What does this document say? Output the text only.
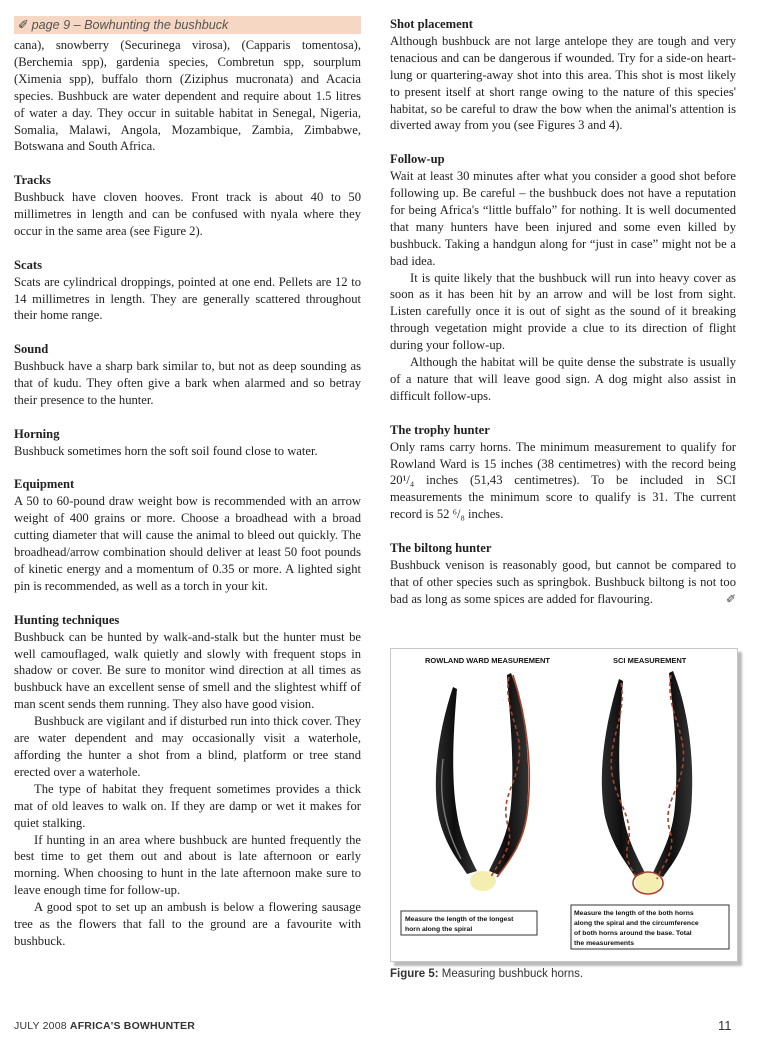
✐ page 9 – Bowhunting the bushbuck

cana), snowberry (Securinega virosa), (Capparis tomentosa), (Berchemia spp), gardenia species, Combretun spp, sourplum (Ximenia spp), buffalo thorn (Ziziphus mucronata) and Acacia species. Bushbuck are water dependent and require about 1.5 litres of water a day. They occur in suitable habitat in Senegal, Nigeria, Somalia, Malawi, Angola, Mozambique, Zambia, Zimbabwe, Botswana and South Africa.

Tracks

Bushbuck have cloven hooves. Front track is about 40 to 50 millimetres in length and can be confused with nyala where they occur in the same area (see Figure 2).

Scats

Scats are cylindrical droppings, pointed at one end. Pellets are 12 to 14 millimetres in length. They are generally scattered throughout their home range.

Sound

Bushbuck have a sharp bark similar to, but not as deep sounding as that of kudu. They often give a bark when alarmed and so betray their presence to the hunter.

Horning

Bushbuck sometimes horn the soft soil found close to water.

Equipment

A 50 to 60-pound draw weight bow is recommended with an arrow weight of 400 grains or more. Choose a broadhead with a broad cutting diameter that will cause the animal to bleed out quickly. The broadhead/arrow combination should deliver at least 50 foot pounds of kinetic energy and a momentum of 0.35 or more. A lighted sight pin is recommended, as well as a torch in your kit.

Hunting techniques

Bushbuck can be hunted by walk-and-stalk but the hunter must be well camouflaged, walk quietly and slowly with frequent stops in shadow or cover. Be sure to monitor wind direction at all times as bushbuck have an excellent sense of smell and the slightest whiff of man scent sends them running. They also have good vision.

Bushbuck are vigilant and if disturbed run into thick cover. They are water dependent and may occasionally visit a waterhole, affording the hunter a shot from a blind, platform or tree stand erected over a waterhole.

The type of habitat they frequent sometimes provides a thick mat of old leaves to walk on. If they are damp or wet it makes for quiet stalking.

If hunting in an area where bushbuck are hunted frequently the best time to get them out and about is late afternoon or early morning. When choosing to hunt in the late afternoon make sure to leave enough time for follow-up.

A good spot to set up an ambush is below a flowering sausage tree as the flowers that fall to the ground are a favourite with bushbuck.

Shot placement

Although bushbuck are not large antelope they are tough and very tenacious and can be dangerous if wounded. Try for a side-on heart-lung or quartering-away shot into this area. This shot is most likely to present itself at short range owing to the nature of this species' habitat, so be careful to draw the bow when the animal's attention is diverted away from you (see Figures 3 and 4).

Follow-up

Wait at least 30 minutes after what you consider a good shot before following up. Be careful – the bushbuck does not have a reputation for being Africa's “little buffalo” for nothing. It is well documented that many hunters have been injured and some even killed by bushbuck. Taking a handgun along for “just in case” might not be a bad idea.

It is quite likely that the bushbuck will run into heavy cover as soon as it has been hit by an arrow and will be lost from sight. Listen carefully once it is out of sight as the sound of it breaking through vegetation might provide a clue to its direction of flight during your follow-up.

Although the habitat will be quite dense the substrate is usually of a nature that will leave good sign. A dog might also assist in difficult follow-ups.

The trophy hunter

Only rams carry horns. The minimum measurement to qualify for Rowland Ward is 15 inches (38 centimetres) with the record being 20¹/₄ inches (51,43 centimetres). To be included in SCI measurements the minimum score to qualify is 31. The current record is 52 ⁶/₈ inches.

The biltong hunter

Bushbuck venison is reasonably good, but cannot be compared to that of other species such as springbok. Bushbuck biltong is not too bad as long as some spices are added for flavouring.	✐

ROWLAND WARD MEASUREMENT	SCI MEASUREMENT
Measure the length of the longest
horn along the spiral
Measure the length of the both horns
along the spiral and the circumference
of both horns around the base. Total
the measurements
Figure 5: Measuring bushbuck horns.
JULY 2008 AFRICA'S BOWHUNTER	11
